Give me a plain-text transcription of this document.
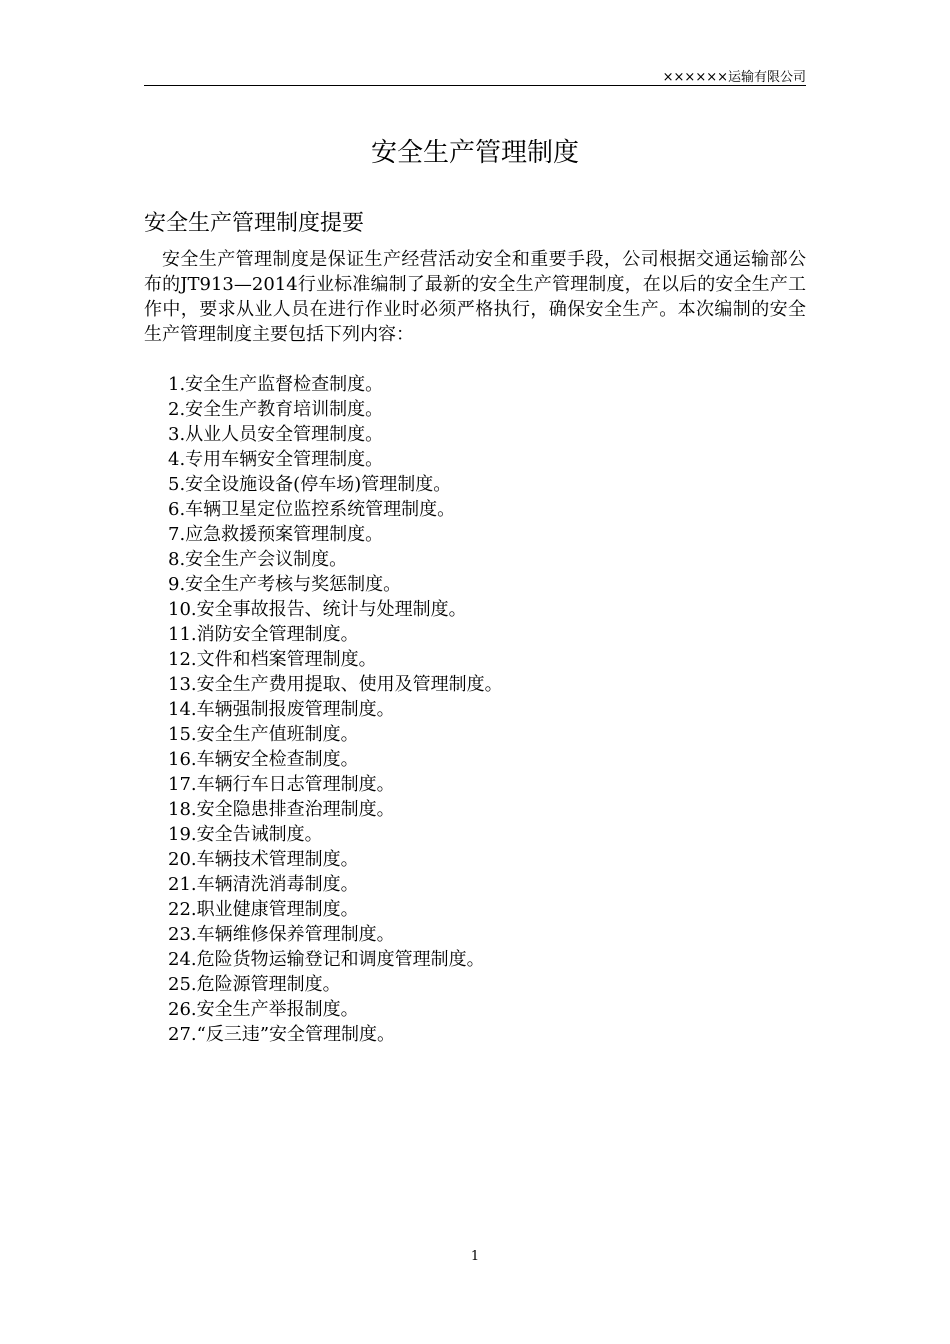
××××××运输有限公司
安全生产管理制度
安全生产管理制度提要

安全生产管理制度是保证生产经营活动安全和重要手段，公司根据交通运输部公布的JT913—2014行业标准编制了最新的安全生产管理制度，在以后的安全生产工作中，要求从业人员在进行作业时必须严格执行，确保安全生产。本次编制的安全生产管理制度主要包括下列内容：

1.安全生产监督检查制度。
2.安全生产教育培训制度。
3.从业人员安全管理制度。
4.专用车辆安全管理制度。
5.安全设施设备(停车场)管理制度。
6.车辆卫星定位监控系统管理制度。
7.应急救援预案管理制度。
8.安全生产会议制度。
9.安全生产考核与奖惩制度。
10.安全事故报告、统计与处理制度。
11.消防安全管理制度。
12.文件和档案管理制度。
13.安全生产费用提取、使用及管理制度。
14.车辆强制报废管理制度。
15.安全生产值班制度。
16.车辆安全检查制度。
17.车辆行车日志管理制度。
18.安全隐患排查治理制度。
19.安全告诫制度。
20.车辆技术管理制度。
21.车辆清洗消毒制度。
22.职业健康管理制度。
23.车辆维修保养管理制度。
24.危险货物运输登记和调度管理制度。
25.危险源管理制度。
26.安全生产举报制度。
27.“反三违”安全管理制度。
1
